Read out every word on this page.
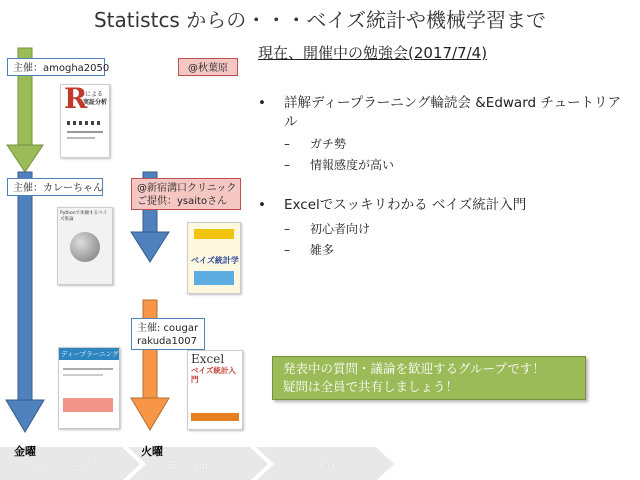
Statistcs からの・・・ベイズ統計や機械学習まで
ベイズの定理	確率分布	実践
主催：amogha2050	@秋葉原
主催：カレーちゃん	@新宿溝口クリニック
ご提供：ysaitoさん
主催: cougar
rakuda1007
R
による
実証分析
Pythonで体験するベイズ推論
ベイズ統計学
ディープラーニング	Excel
ベイズ統計入門
現在、開催中の勉強会(2017/7/4)
•	詳解ディープラーニング輪読会 &Edward チュートリアル
–	ガチ勢
–	情報感度が高い
•	Excelでスッキリわかる ベイズ統計入門
–	初心者向け
–	雑多
発表中の質問・議論を歓迎するグループです！
疑問は全員で共有しましょう！
金曜	火曜
